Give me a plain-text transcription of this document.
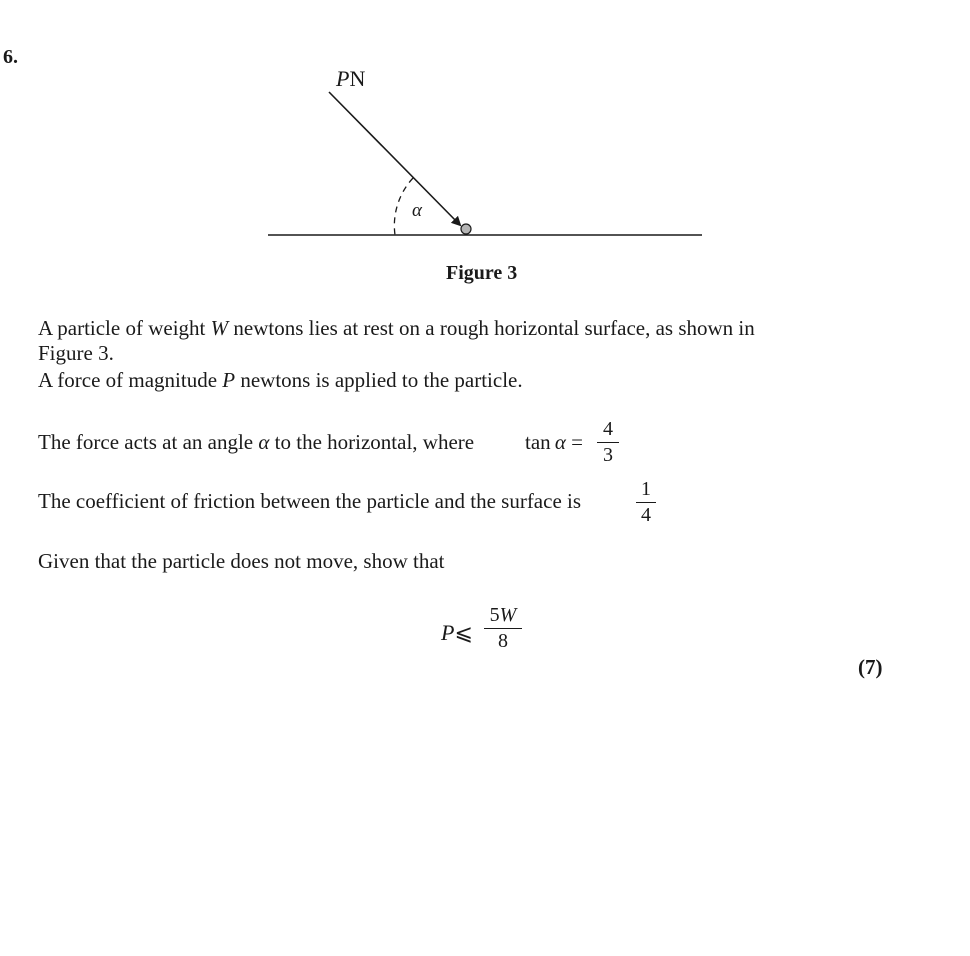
6.
PN
α
Figure 3
A particle of weight W newtons lies at rest on a rough horizontal surface, as shown in
Figure 3.
A force of magnitude P newtons is applied to the particle.
The force acts at an angle α to the horizontal, where tan  α =
4
3
The coefficient of friction between the particle and the surface is	1
4
Given that the particle does not move, show that
P⩽
5W
8
(7)
